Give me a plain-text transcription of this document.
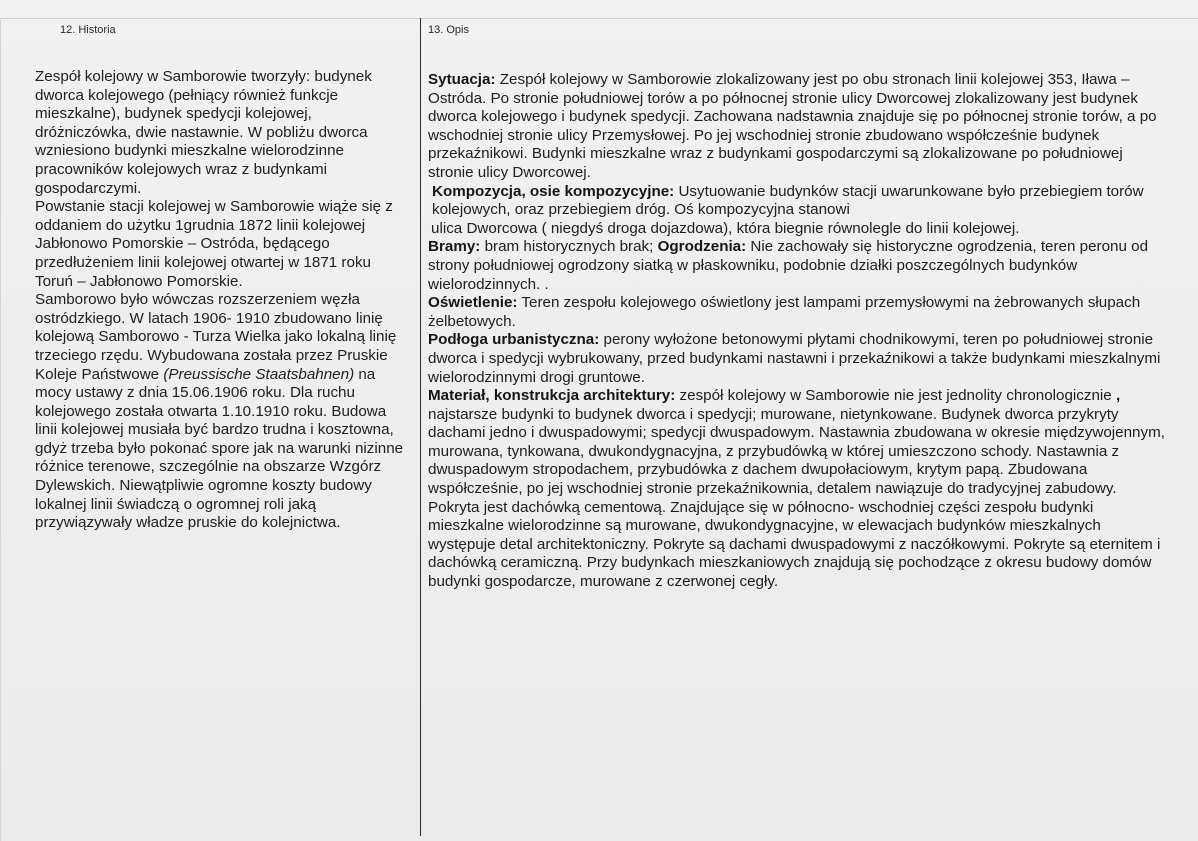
12. Historia	13. Opis

Zespół kolejowy w Samborowie tworzyły: budynek dworca kolejowego (pełniący również funkcje mieszkalne), budynek spedycji kolejowej, dróżniczówka, dwie nastawnie. W pobliżu dworca wzniesiono budynki mieszkalne wielorodzinne pracowników kolejowych wraz z budynkami gospodarczymi.

Powstanie stacji kolejowej w Samborowie wiąże się z oddaniem do użytku 1grudnia 1872 linii kolejowej Jabłonowo Pomorskie – Ostróda, będącego przedłużeniem linii kolejowej otwartej w 1871 roku Toruń – Jabłonowo Pomorskie.

Samborowo było wówczas rozszerzeniem węzła ostródzkiego. W latach 1906- 1910 zbudowano linię kolejową Samborowo - Turza Wielka jako lokalną linię trzeciego rzędu. Wybudowana została przez Pruskie Koleje Państwowe (Preussische Staatsbahnen) na mocy ustawy z dnia 15.06.1906 roku. Dla ruchu kolejowego została otwarta 1.10.1910 roku. Budowa linii kolejowej musiała być bardzo trudna i kosztowna, gdyż trzeba było pokonać spore jak na warunki nizinne różnice terenowe, szczególnie na obszarze Wzgórz Dylewskich. Niewątpliwie ogromne koszty budowy lokalnej linii świadczą o ogromnej roli jaką przywiązywały władze pruskie do kolejnictwa.

Sytuacja: Zespół kolejowy w Samborowie zlokalizowany jest po obu stronach linii kolejowej 353, Iława – Ostróda. Po stronie południowej torów a po północnej stronie ulicy Dworcowej zlokalizowany jest budynek dworca kolejowego i budynek spedycji. Zachowana nadstawnia znajduje się po północnej stronie torów, a po wschodniej stronie ulicy Przemysłowej. Po jej wschodniej stronie zbudowano współcześnie budynek przekaźnikowi. Budynki mieszkalne wraz z budynkami gospodarczymi są zlokalizowane po południowej stronie ulicy Dworcowej.

Kompozycja, osie kompozycyjne: Usytuowanie budynków stacji uwarunkowane było przebiegiem torów kolejowych, oraz przebiegiem dróg. Oś kompozycyjna stanowi

ulica Dworcowa ( niegdyś droga dojazdowa), która biegnie równolegle do linii kolejowej.

Bramy: bram historycznych brak; Ogrodzenia: Nie zachowały się historyczne ogrodzenia, teren peronu od strony południowej ogrodzony siatką w płaskowniku, podobnie działki poszczególnych budynków wielorodzinnych. .

Oświetlenie: Teren zespołu kolejowego oświetlony jest lampami przemysłowymi na żebrowanych słupach żelbetowych.

Podłoga urbanistyczna: perony wyłożone betonowymi płytami chodnikowymi, teren po południowej stronie dworca i spedycji wybrukowany, przed budynkami nastawni i przekaźnikowi a także budynkami mieszkalnymi wielorodzinnymi drogi gruntowe.

Materiał, konstrukcja architektury: zespół kolejowy w Samborowie nie jest jednolity chronologicznie , najstarsze budynki to budynek dworca i spedycji; murowane, nietynkowane. Budynek dworca przykryty dachami jedno i dwuspadowymi; spedycji dwuspadowym. Nastawnia zbudowana w okresie międzywojennym, murowana, tynkowana, dwukondygnacyjna, z przybudówką w której umieszczono schody. Nastawnia z dwuspadowym stropodachem, przybudówka z dachem dwupołaciowym, krytym papą. Zbudowana współcześnie, po jej wschodniej stronie przekaźnikownia, detalem nawiązuje do tradycyjnej zabudowy. Pokryta jest dachówką cementową. Znajdujące się w północno- wschodniej części zespołu budynki mieszkalne wielorodzinne są murowane, dwukondygnacyjne, w elewacjach budynków mieszkalnych występuje detal architektoniczny. Pokryte są dachami dwuspadowymi z naczółkowymi. Pokryte są eternitem i dachówką ceramiczną. Przy budynkach mieszkaniowych znajdują się pochodzące z okresu budowy domów budynki gospodarcze, murowane z czerwonej cegły.
